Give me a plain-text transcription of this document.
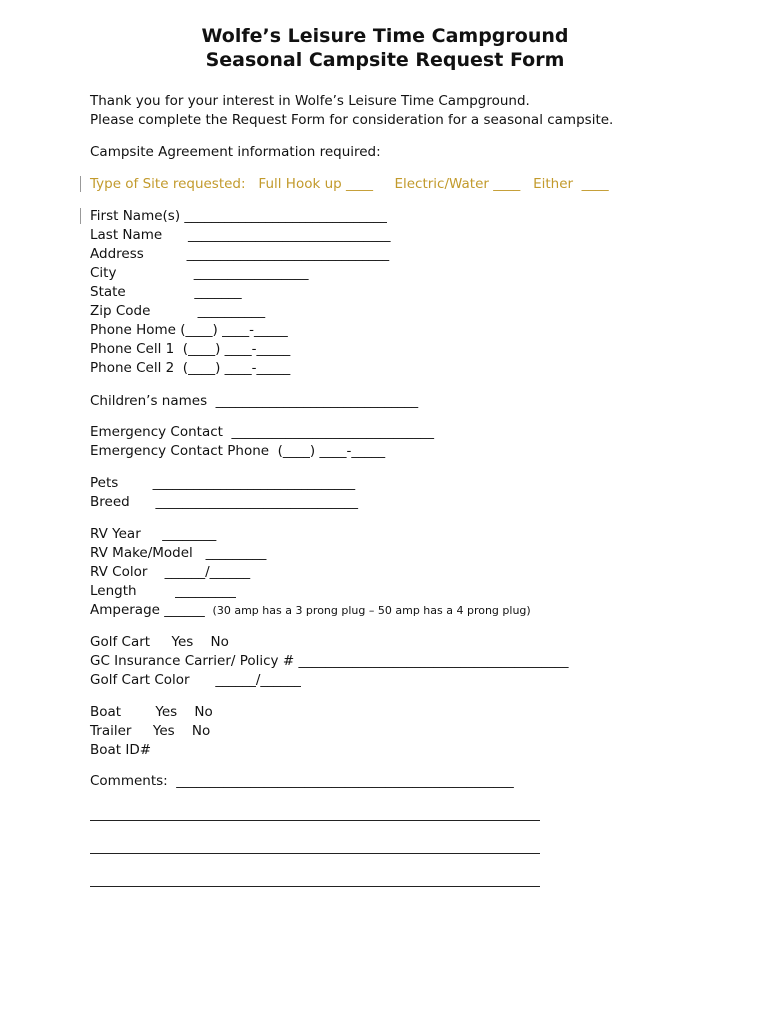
Wolfe’s Leisure Time Campground
Seasonal Campsite Request Form
Thank you for your interest in Wolfe’s Leisure Time Campground.
Please complete the Request Form for consideration for a seasonal campsite.
Campsite Agreement information required:
Type of Site requested:   Full Hook up ____     Electric/Water ____   Either  ____
First Name(s) ______________________________
Last Name      ______________________________
Address          ______________________________
City                  _________________
State                _______
Zip Code           __________
Phone Home (____) ____-_____
Phone Cell 1  (____) ____-_____
Phone Cell 2  (____) ____-_____
Children’s names  ______________________________
Emergency Contact  ______________________________
Emergency Contact Phone  (____) ____-_____
Pets        ______________________________
Breed      ______________________________
RV Year     ________
RV Make/Model   _________
RV Color    ______/______
Length         _________
Amperage ______  (30 amp has a 3 prong plug – 50 amp has a 4 prong plug)
Golf Cart     Yes    No
GC Insurance Carrier/ Policy # ________________________________________
Golf Cart Color      ______/______
Boat        Yes    No
Trailer     Yes    No
Boat ID#
Comments:  __________________________________________________
